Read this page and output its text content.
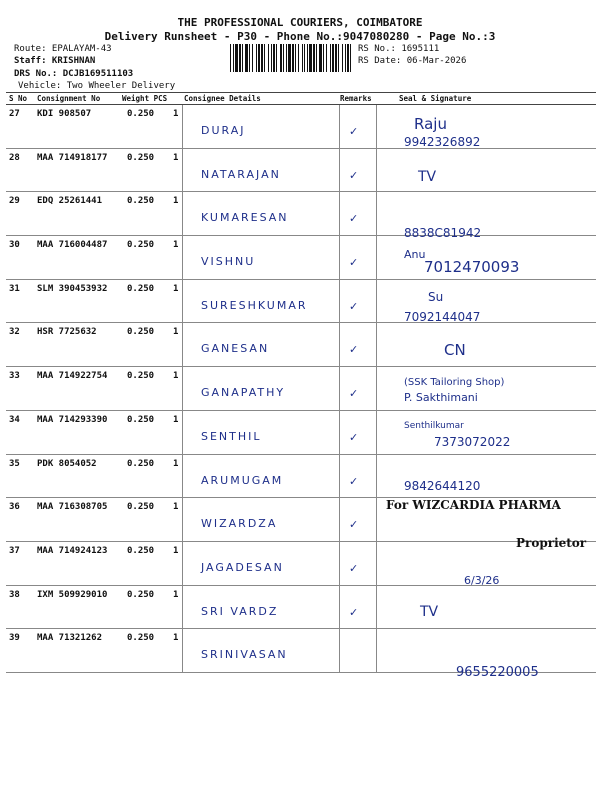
THE PROFESSIONAL COURIERS, COIMBATORE
Delivery Runsheet - P30 - Phone No.:9047080280 - Page No.:3
Route: EPALAYAM-43
Staff: KRISHNAN
DRS No.: DCJB169511103
Vehicle: Two Wheeler Delivery
RS No.: 1695111
RS Date: 06-Mar-2026
S No Consignment No	Weight PCS Consignee Details	Remarks	Seal & Signature
27 KDI 908507	0.250 1
DURAJ	✓	Raju
9942326892
28 MAA 714918177 0.250 1
NATARAJAN	✓	TV
29 EDQ 25261441	0.250 1
KUMARESAN	✓
8838C81942
30 MAA 716004487 0.250 1
VISHNU	✓
Anu
7012470093
31 SLM 390453932 0.250 1
SURESHKUMAR	✓
Su
7092144047
32 HSR 7725632	0.250 1
GANESAN	✓	CN
33 MAA 714922754 0.250 1
GANAPATHY	✓
(SSK Tailoring Shop)
P. Sakthimani
34 MAA 714293390 0.250 1
SENTHIL	✓
Senthilkumar
7373072022
35 PDK 8054052	0.250 1
ARUMUGAM	✓	9842644120
36 MAA 716308705 0.250 1
WIZARDZA	✓
37 MAA 714924123 0.250 1
JAGADESAN	✓
6/3/26
38 IXM 509929010 0.250 1
SRI VARDZ	✓	TV
39 MAA 71321262	0.250 1
SRINIVASAN
9655220005
For WIZCARDIA PHARMA
Proprietor
